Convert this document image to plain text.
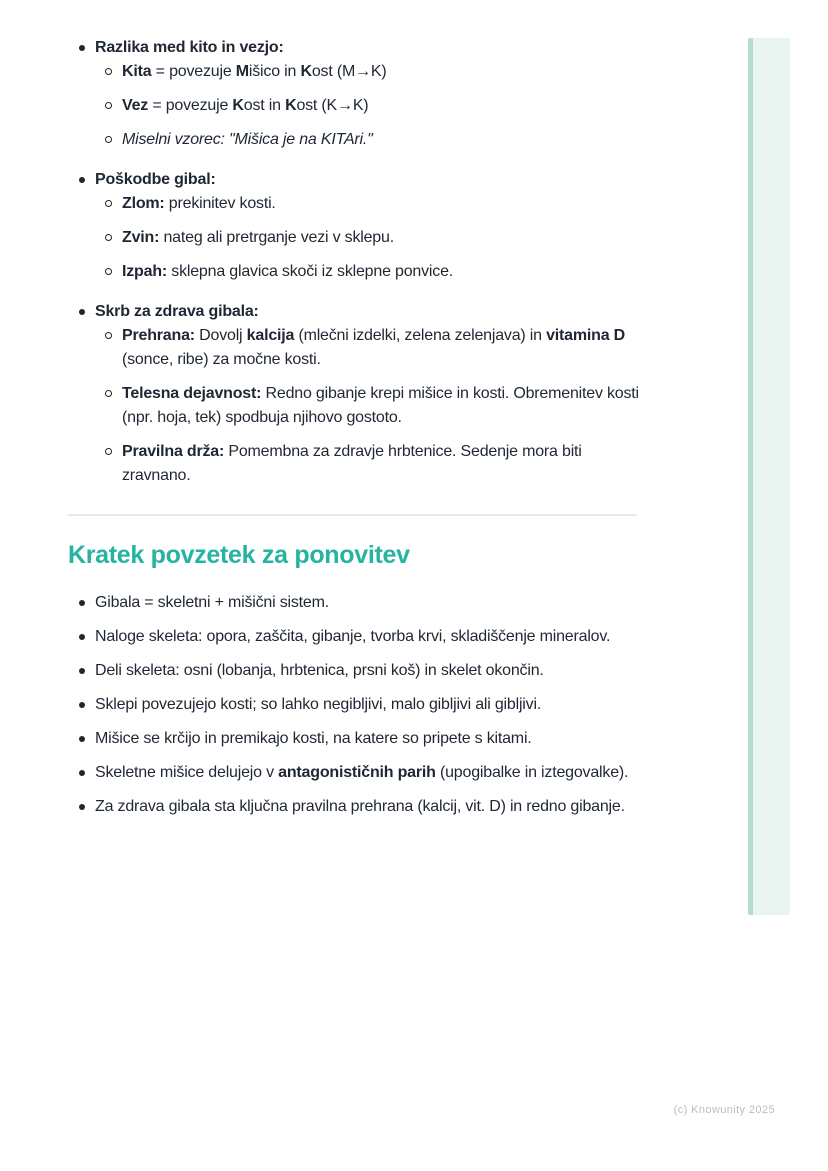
Razlika med kito in vezjo:
Kita = povezuje Mišico in Kost (M→K)
Vez = povezuje Kost in Kost (K→K)
Miselni vzorec: "Mišica je na KITAri."
Poškodbe gibal:
Zlom: prekinitev kosti.
Zvin: nateg ali pretrganje vezi v sklepu.
Izpah: sklepna glavica skoči iz sklepne ponvice.
Skrb za zdrava gibala:
Prehrana: Dovolj kalcija (mlečni izdelki, zelena zelenjava) in vitamina D (sonce, ribe) za močne kosti.
Telesna dejavnost: Redno gibanje krepi mišice in kosti. Obremenitev kosti (npr. hoja, tek) spodbuja njihovo gostoto.
Pravilna drža: Pomembna za zdravje hrbtenice. Sedenje mora biti zravnano.
Kratek povzetek za ponovitev
Gibala = skeletni + mišični sistem.
Naloge skeleta: opora, zaščita, gibanje, tvorba krvi, skladiščenje mineralov.
Deli skeleta: osni (lobanja, hrbtenica, prsni koš) in skelet okončin.
Sklepi povezujejo kosti; so lahko negibljivi, malo gibljivi ali gibljivi.
Mišice se krčijo in premikajo kosti, na katere so pripete s kitami.
Skeletne mišice delujejo v antagonističnih parih (upogibalke in iztegovalke).
Za zdrava gibala sta ključna pravilna prehrana (kalcij, vit. D) in redno gibanje.
(c) Knowunity 2025
